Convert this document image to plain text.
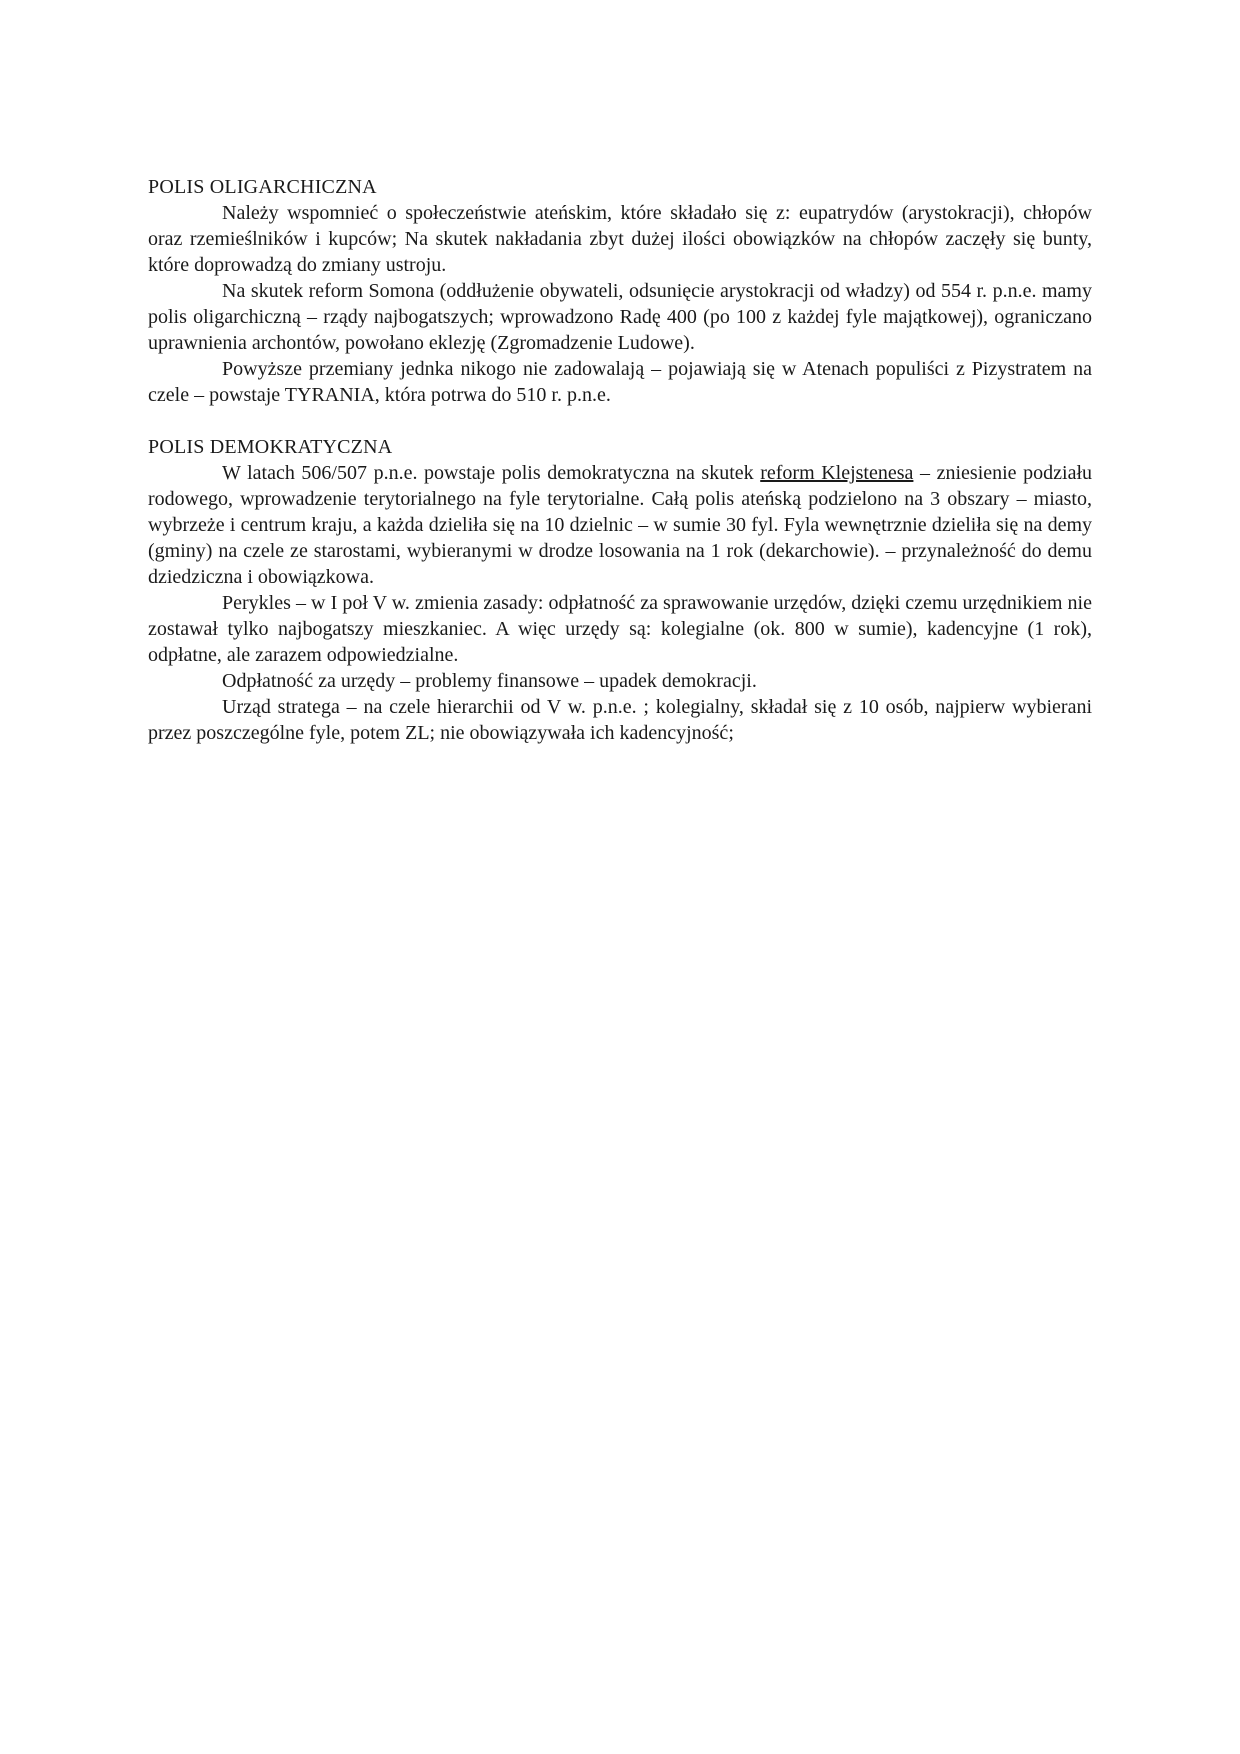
POLIS OLIGARCHICZNA

Należy wspomnieć o społeczeństwie ateńskim, które składało się z: eupatrydów (arystokracji), chłopów oraz rzemieślników i kupców; Na skutek nakładania zbyt dużej ilości obowiązków na chłopów zaczęły się bunty, które doprowadzą do zmiany ustroju.

Na skutek reform Somona (oddłużenie obywateli, odsunięcie arystokracji od władzy) od 554 r. p.n.e. mamy polis oligarchiczną – rządy najbogatszych; wprowadzono Radę 400 (po 100 z każdej fyle majątkowej), ograniczano uprawnienia archontów, powołano eklezję (Zgromadzenie Ludowe).

Powyższe przemiany jednka nikogo nie zadowalają – pojawiają się w Atenach populiści z Pizystratem na czele – powstaje TYRANIA, która potrwa do 510 r. p.n.e.

POLIS DEMOKRATYCZNA

W latach 506/507 p.n.e. powstaje polis demokratyczna na skutek reform Klejstenesa – zniesienie podziału rodowego, wprowadzenie terytorialnego na fyle terytorialne. Całą polis ateńską podzielono na 3 obszary – miasto, wybrzeże i centrum kraju, a każda dzieliła się na 10 dzielnic – w sumie 30 fyl. Fyla wewnętrznie dzieliła się na demy (gminy) na czele ze starostami, wybieranymi w drodze losowania na 1 rok (dekarchowie). – przynależność do demu dziedziczna i obowiązkowa.

Perykles – w I poł V w. zmienia zasady: odpłatność za sprawowanie urzędów, dzięki czemu urzędnikiem nie zostawał tylko najbogatszy mieszkaniec. A więc urzędy są: kolegialne (ok. 800 w sumie), kadencyjne (1 rok), odpłatne, ale zarazem odpowiedzialne.

Odpłatność za urzędy – problemy finansowe – upadek demokracji.

Urząd stratega – na czele hierarchii od V w. p.n.e. ; kolegialny, składał się z 10 osób, najpierw wybierani przez poszczególne fyle, potem ZL; nie obowiązywała ich kadencyjność;
